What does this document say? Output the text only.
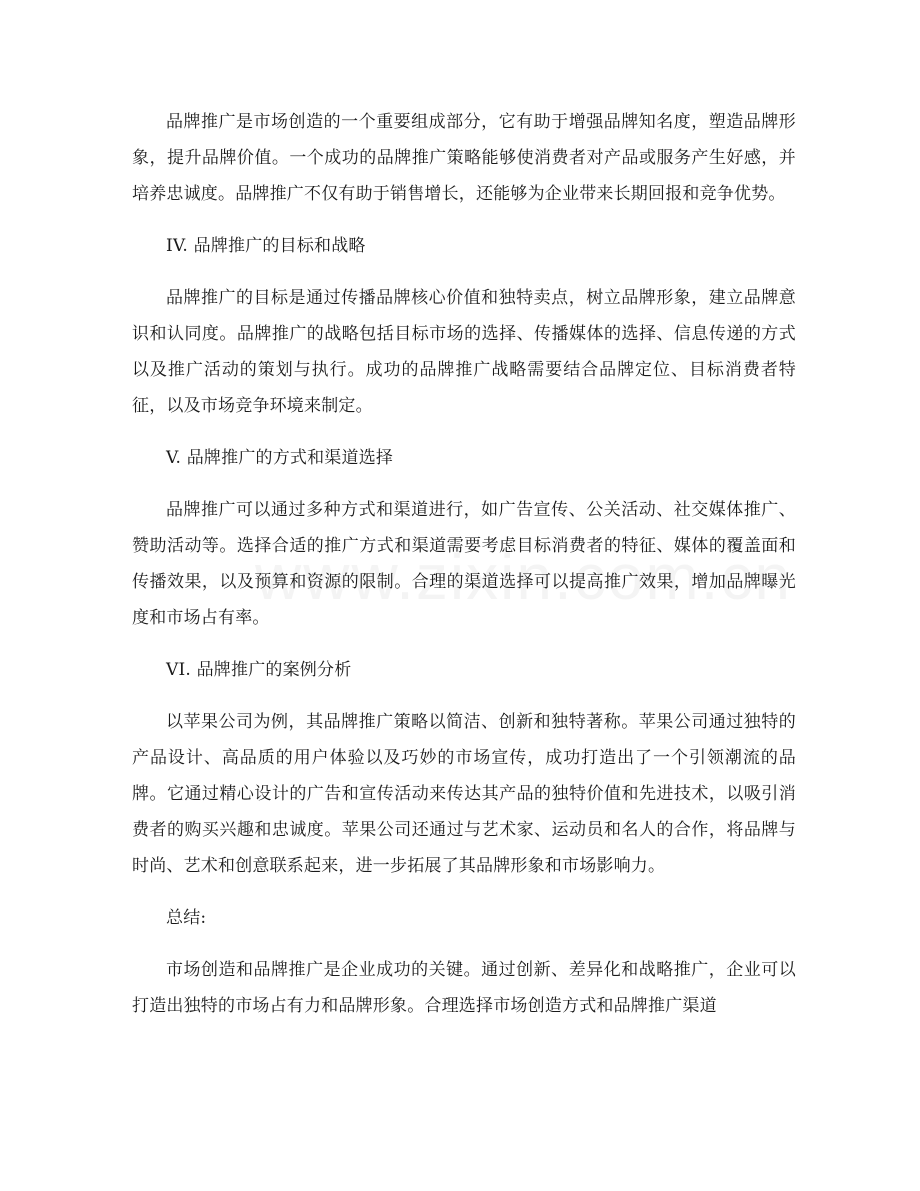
品牌推广是市场创造的一个重要组成部分，它有助于增强品牌知名度，塑造品牌形象，提升品牌价值。一个成功的品牌推广策略能够使消费者对产品或服务产生好感，并培养忠诚度。品牌推广不仅有助于销售增长，还能够为企业带来长期回报和竞争优势。

IV. 品牌推广的目标和战略

品牌推广的目标是通过传播品牌核心价值和独特卖点，树立品牌形象，建立品牌意识和认同度。品牌推广的战略包括目标市场的选择、传播媒体的选择、信息传递的方式以及推广活动的策划与执行。成功的品牌推广战略需要结合品牌定位、目标消费者特征，以及市场竞争环境来制定。

V. 品牌推广的方式和渠道选择

品牌推广可以通过多种方式和渠道进行，如广告宣传、公关活动、社交媒体推广、赞助活动等。选择合适的推广方式和渠道需要考虑目标消费者的特征、媒体的覆盖面和传播效果，以及预算和资源的限制。合理的渠道选择可以提高推广效果，增加品牌曝光度和市场占有率。

VI. 品牌推广的案例分析

以苹果公司为例，其品牌推广策略以简洁、创新和独特著称。苹果公司通过独特的产品设计、高品质的用户体验以及巧妙的市场宣传，成功打造出了一个引领潮流的品牌。它通过精心设计的广告和宣传活动来传达其产品的独特价值和先进技术，以吸引消费者的购买兴趣和忠诚度。苹果公司还通过与艺术家、运动员和名人的合作，将品牌与时尚、艺术和创意联系起来，进一步拓展了其品牌形象和市场影响力。

总结:

市场创造和品牌推广是企业成功的关键。通过创新、差异化和战略推广，企业可以打造出独特的市场占有力和品牌形象。合理选择市场创造方式和品牌推广渠道
